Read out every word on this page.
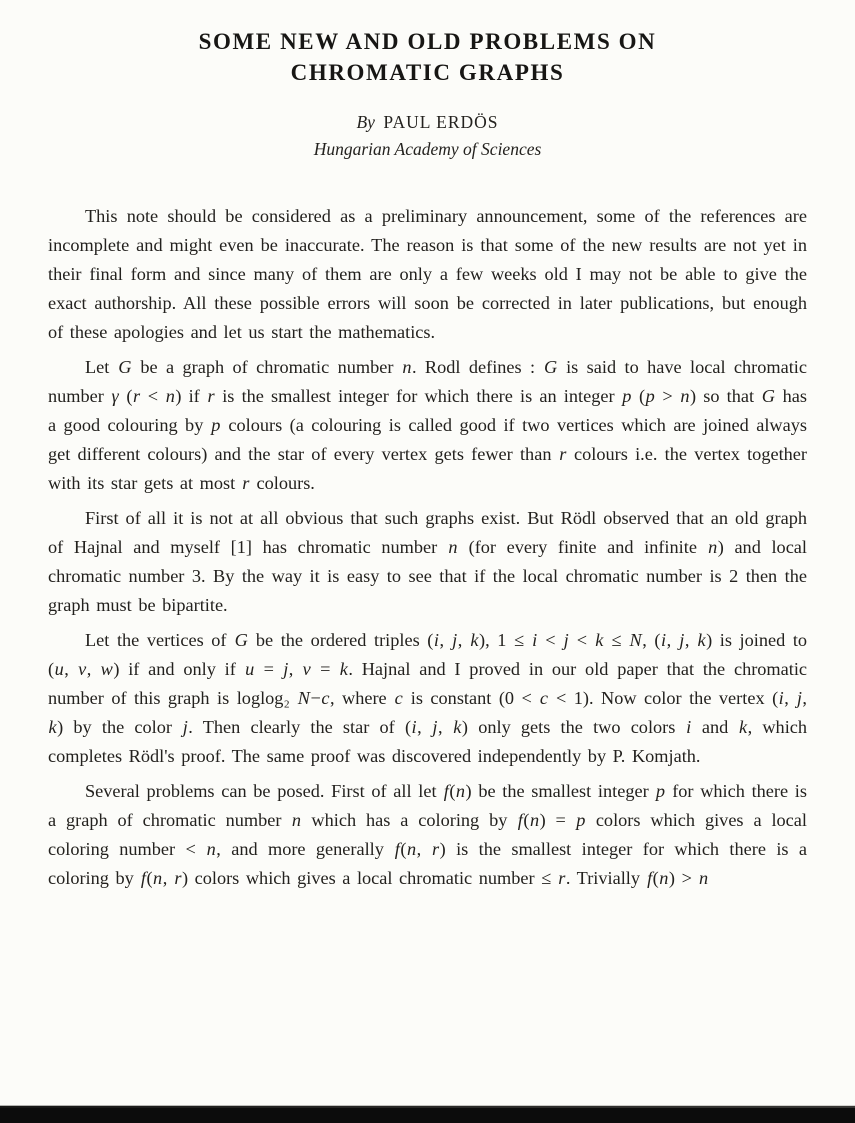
SOME NEW AND OLD PROBLEMS ON
CHROMATIC GRAPHS
By PAUL ERDÖS
Hungarian Academy of Sciences

This note should be considered as a preliminary announcement, some of the references are incomplete and might even be inaccurate. The reason is that some of the new results are not yet in their final form and since many of them are only a few weeks old I may not be able to give the exact authorship. All these possible errors will soon be corrected in later publications, but enough of these apologies and let us start the mathematics.

Let G be a graph of chromatic number n. Rodl defines : G is said to have local chromatic number γ (r < n) if r is the smallest integer for which there is an integer p (p > n) so that G has a good colouring by p colours (a colouring is called good if two vertices which are joined always get different colours) and the star of every vertex gets fewer than r colours i.e. the vertex together with its star gets at most r colours.

First of all it is not at all obvious that such graphs exist. But Rödl observed that an old graph of Hajnal and myself [1] has chromatic number n (for every finite and infinite n) and local chromatic number 3. By the way it is easy to see that if the local chromatic number is 2 then the graph must be bipartite.

Let the vertices of G be the ordered triples (i, j, k), 1 ≤ i < j < k ≤ N, (i, j, k) is joined to (u, v, w) if and only if u = j, v = k. Hajnal and I proved in our old paper that the chromatic number of this graph is loglog₂ N−c, where c is constant (0 < c < 1). Now color the vertex (i, j, k) by the color j. Then clearly the star of (i, j, k) only gets the two colors i and k, which completes Rödl's proof. The same proof was discovered independently by P. Komjath.

Several problems can be posed. First of all let f(n) be the smallest integer p for which there is a graph of chromatic number n which has a coloring by f(n) = p colors which gives a local coloring number < n, and more generally f(n, r) is the smallest integer for which there is a coloring by f(n, r) colors which gives a local chromatic number ≤ r. Trivially f(n) > n
